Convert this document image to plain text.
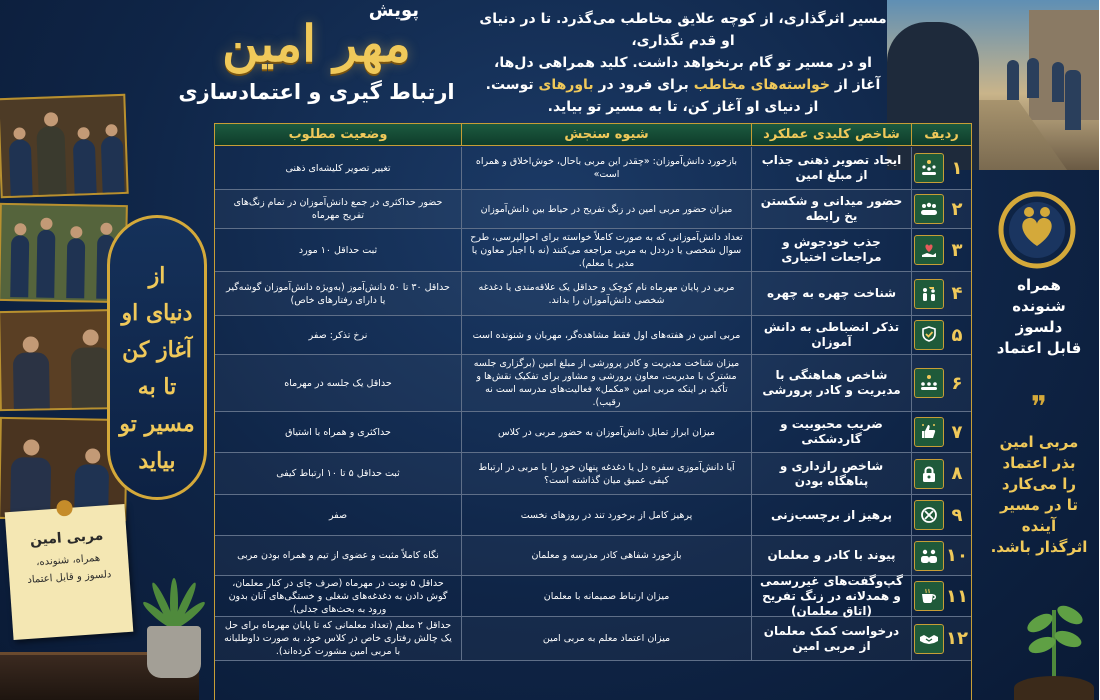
پویش
مهر امین
ارتباط گیری و اعتمادسازی
مسیر اثرگذاری، از کوچه علایق مخاطب می‌گذرد. تا در دنیای او قدم نگذاری،
او در مسیر تو گام برنخواهد داشت. کلید همراهی دل‌ها،
آغاز از خواسته‌های مخاطب برای فرود در باورهای توست.
از دنیای او آغاز کن، تا به مسیر تو بیاید.
از
دنیای او
آغاز کن
تا به
مسیر تو
بیاید
مربی امین
همراه، شنونده،
دلسوز و قابل اعتماد
همراه
شنونده
دلسوز
قابل اعتماد
❞
مربی امین
بذر اعتماد
را می‌کارد
تا در مسیر
آینده
اثرگذار باشد.
ردیف
شاخص کلیدی عملکرد
شیوه سنجش
وضعیت مطلوب
۱
ایجاد تصویر ذهنی جذاب از مبلغ امین
بازخورد دانش‌آموزان: «چقدر این مربی باحال، خوش‌اخلاق و همراه است»
تغییر تصویر کلیشه‌ای ذهنی
۲
حضور میدانی و شکستن یخ رابطه
میزان حضور مربی امین در زنگ تفریح در حیاط بین دانش‌آموزان
حضور حداکثری در جمع دانش‌آموزان در تمام زنگ‌های تفریح مهرماه
۳
جذب خودجوش و مراجعات اختیاری
تعداد دانش‌آموزانی که به صورت کاملاً خواسته برای احوالپرسی، طرح سوال شخصی یا درددل به مربی مراجعه می‌کنند (نه با اجبار معاون یا مدیر یا معلم).
ثبت حداقل ۱۰ مورد
۴
شناخت چهره به چهره
مربی در پایان مهرماه نام کوچک و حداقل یک علاقه‌مندی یا دغدغه شخصی دانش‌آموزان را بداند.
حداقل ۳۰ تا ۵۰ دانش‌آموز (به‌ویژه دانش‌آموزان گوشه‌گیر یا دارای رفتارهای خاص)
۵
تذکر انضباطی به دانش آموزان
مربی امین در هفته‌های اول فقط مشاهده‌گر، مهربان و شنونده است
نرخ تذکر: صفر
۶
شاخص هماهنگی با مدیریت و کادر پرورشی
میزان شناخت مدیریت و کادر پرورشی از مبلغ امین (برگزاری جلسه مشترک با مدیریت، معاون پرورشی و مشاور برای تفکیک نقش‌ها و تأکید بر اینکه مربی امین «مکمل» فعالیت‌های مدرسه است نه رقیب).
حداقل یک جلسه در مهرماه
۷
ضریب محبوبیت و گاردشکنی
میزان ابراز تمایل دانش‌آموزان به حضور مربی در کلاس
حداکثری و همراه با اشتیاق
۸
شاخص رازداری و پناهگاه بودن
آیا دانش‌آموزی سفره دل یا دغدغه پنهان خود را با مربی در ارتباط کیفی عمیق میان گذاشته است؟
ثبت حداقل ۵ تا ۱۰ ارتباط کیفی
۹
پرهیز از برچسب‌زنی
پرهیز کامل از برخورد تند در روزهای نخست
صفر
۱۰
پیوند با کادر و معلمان
بازخورد شفاهی کادر مدرسه و معلمان
نگاه کاملاً مثبت و عضوی از تیم و همراه بودن مربی
۱۱
گپ‌وگفت‌های غیررسمی و همدلانه در زنگ تفریح (اتاق معلمان)
میزان ارتباط صمیمانه با معلمان
حداقل ۵ نوبت در مهرماه (صرف چای در کنار معلمان، گوش دادن به دغدغه‌های شغلی و خستگی‌های آنان بدون ورود به بحث‌های جدلی).
۱۲
درخواست کمک معلمان از مربی امین
میزان اعتماد معلم به مربی امین
حداقل ۲ معلم (تعداد معلمانی که تا پایان مهرماه برای حل یک چالش رفتاری خاص در کلاس خود، به صورت داوطلبانه با مربی امین مشورت کرده‌اند).
